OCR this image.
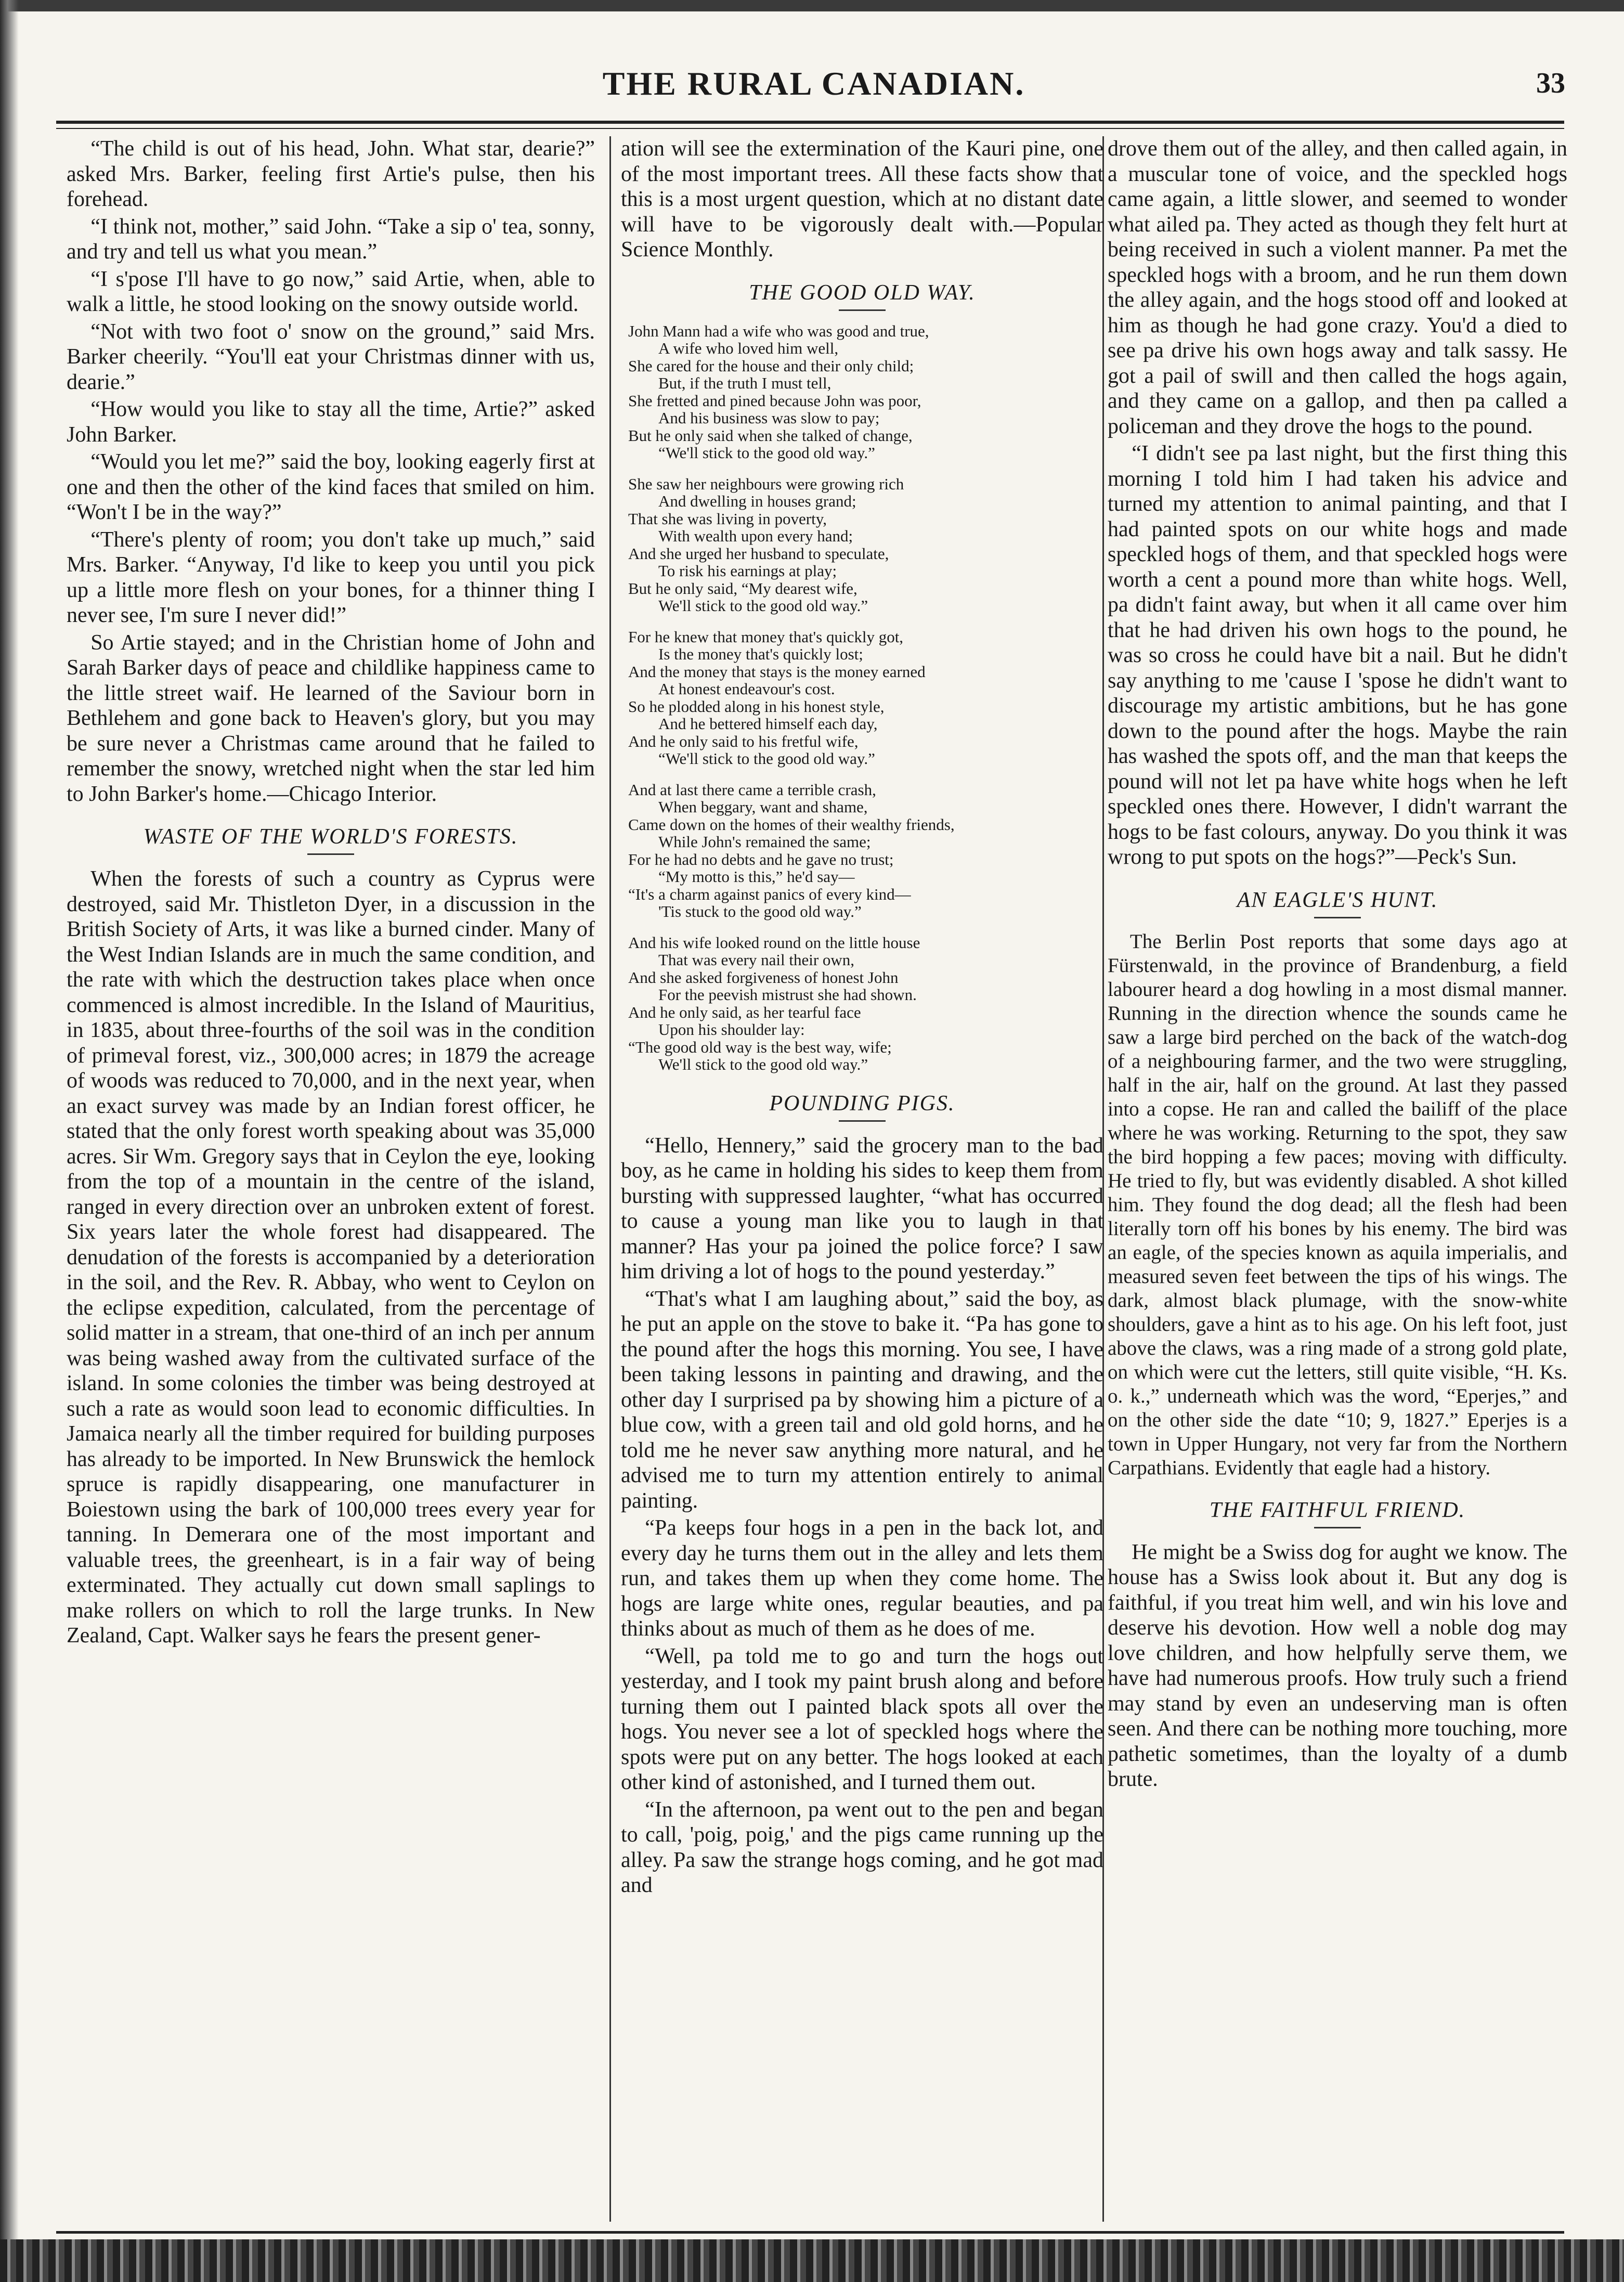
THE RURAL CANADIAN.	33

“The child is out of his head, John. What star, dearie?” asked Mrs. Barker, feeling first Artie's pulse, then his forehead.

“I think not, mother,” said John. “Take a sip o' tea, sonny, and try and tell us what you mean.”

“I s'pose I'll have to go now,” said Artie, when, able to walk a little, he stood looking on the snowy outside world.

“Not with two foot o' snow on the ground,” said Mrs. Barker cheerily. “You'll eat your Christmas dinner with us, dearie.”

“How would you like to stay all the time, Artie?” asked John Barker.

“Would you let me?” said the boy, looking eagerly first at one and then the other of the kind faces that smiled on him. “Won't I be in the way?”

“There's plenty of room; you don't take up much,” said Mrs. Barker. “Anyway, I'd like to keep you until you pick up a little more flesh on your bones, for a thinner thing I never see, I'm sure I never did!”

So Artie stayed; and in the Christian home of John and Sarah Barker days of peace and childlike happiness came to the little street waif. He learned of the Saviour born in Bethlehem and gone back to Heaven's glory, but you may be sure never a Christmas came around that he failed to remember the snowy, wretched night when the star led him to John Barker's home.—Chicago Interior.

WASTE OF THE WORLD'S FORESTS.

When the forests of such a country as Cyprus were destroyed, said Mr. Thistleton Dyer, in a discussion in the British Society of Arts, it was like a burned cinder. Many of the West Indian Islands are in much the same condition, and the rate with which the destruction takes place when once commenced is almost incredible. In the Island of Mauritius, in 1835, about three-fourths of the soil was in the condition of primeval forest, viz., 300,000 acres; in 1879 the acreage of woods was reduced to 70,000, and in the next year, when an exact survey was made by an Indian forest officer, he stated that the only forest worth speaking about was 35,000 acres. Sir Wm. Gregory says that in Ceylon the eye, looking from the top of a mountain in the centre of the island, ranged in every direction over an unbroken extent of forest. Six years later the whole forest had disappeared. The denudation of the forests is accompanied by a deterioration in the soil, and the Rev. R. Abbay, who went to Ceylon on the eclipse expedition, calculated, from the percentage of solid matter in a stream, that one-third of an inch per annum was being washed away from the cultivated surface of the island. In some colonies the timber was being destroyed at such a rate as would soon lead to economic difficulties. In Jamaica nearly all the timber required for building purposes has already to be imported. In New Brunswick the hemlock spruce is rapidly disappearing, one manufacturer in Boiestown using the bark of 100,000 trees every year for tanning. In Demerara one of the most important and valuable trees, the greenheart, is in a fair way of being exterminated. They actually cut down small saplings to make rollers on which to roll the large trunks. In New Zealand, Capt. Walker says he fears the present gener-

ation will see the extermination of the Kauri pine, one of the most important trees. All these facts show that this is a most urgent question, which at no distant date will have to be vigorously dealt with.—Popular Science Monthly.

THE GOOD OLD WAY.
John Mann had a wife who was good and true,
A wife who loved him well,
She cared for the house and their only child;
But, if the truth I must tell,
She fretted and pined because John was poor,
And his business was slow to pay;
But he only said when she talked of change,
“We'll stick to the good old way.”
She saw her neighbours were growing rich
And dwelling in houses grand;
That she was living in poverty,
With wealth upon every hand;
And she urged her husband to speculate,
To risk his earnings at play;
But he only said, “My dearest wife,
We'll stick to the good old way.”
For he knew that money that's quickly got,
Is the money that's quickly lost;
And the money that stays is the money earned
At honest endeavour's cost.
So he plodded along in his honest style,
And he bettered himself each day,
And he only said to his fretful wife,
“We'll stick to the good old way.”
And at last there came a terrible crash,
When beggary, want and shame,
Came down on the homes of their wealthy friends,
While John's remained the same;
For he had no debts and he gave no trust;
“My motto is this,” he'd say—
“It's a charm against panics of every kind—
'Tis stuck to the good old way.”
And his wife looked round on the little house
That was every nail their own,
And she asked forgiveness of honest John
For the peevish mistrust she had shown.
And he only said, as her tearful face
Upon his shoulder lay:
“The good old way is the best way, wife;
We'll stick to the good old way.”
POUNDING PIGS.

“Hello, Hennery,” said the grocery man to the bad boy, as he came in holding his sides to keep them from bursting with suppressed laughter, “what has occurred to cause a young man like you to laugh in that manner? Has your pa joined the police force? I saw him driving a lot of hogs to the pound yesterday.”

“That's what I am laughing about,” said the boy, as he put an apple on the stove to bake it. “Pa has gone to the pound after the hogs this morning. You see, I have been taking lessons in painting and drawing, and the other day I surprised pa by showing him a picture of a blue cow, with a green tail and old gold horns, and he told me he never saw anything more natural, and he advised me to turn my attention entirely to animal painting.

“Pa keeps four hogs in a pen in the back lot, and every day he turns them out in the alley and lets them run, and takes them up when they come home. The hogs are large white ones, regular beauties, and pa thinks about as much of them as he does of me.

“Well, pa told me to go and turn the hogs out yesterday, and I took my paint brush along and before turning them out I painted black spots all over the hogs. You never see a lot of speckled hogs where the spots were put on any better. The hogs looked at each other kind of astonished, and I turned them out.

“In the afternoon, pa went out to the pen and began to call, 'poig, poig,' and the pigs came running up the alley. Pa saw the strange hogs coming, and he got mad and

drove them out of the alley, and then called again, in a muscular tone of voice, and the speckled hogs came again, a little slower, and seemed to wonder what ailed pa. They acted as though they felt hurt at being received in such a violent manner. Pa met the speckled hogs with a broom, and he run them down the alley again, and the hogs stood off and looked at him as though he had gone crazy. You'd a died to see pa drive his own hogs away and talk sassy. He got a pail of swill and then called the hogs again, and they came on a gallop, and then pa called a policeman and they drove the hogs to the pound.

“I didn't see pa last night, but the first thing this morning I told him I had taken his advice and turned my attention to animal painting, and that I had painted spots on our white hogs and made speckled hogs of them, and that speckled hogs were worth a cent a pound more than white hogs. Well, pa didn't faint away, but when it all came over him that he had driven his own hogs to the pound, he was so cross he could have bit a nail. But he didn't say anything to me 'cause I 'spose he didn't want to discourage my artistic ambitions, but he has gone down to the pound after the hogs. Maybe the rain has washed the spots off, and the man that keeps the pound will not let pa have white hogs when he left speckled ones there. However, I didn't warrant the hogs to be fast colours, anyway. Do you think it was wrong to put spots on the hogs?”—Peck's Sun.

AN EAGLE'S HUNT.

The Berlin Post reports that some days ago at Fürstenwald, in the province of Brandenburg, a field labourer heard a dog howling in a most dismal manner. Running in the direction whence the sounds came he saw a large bird perched on the back of the watch-dog of a neighbouring farmer, and the two were struggling, half in the air, half on the ground. At last they passed into a copse. He ran and called the bailiff of the place where he was working. Returning to the spot, they saw the bird hopping a few paces; moving with difficulty. He tried to fly, but was evidently disabled. A shot killed him. They found the dog dead; all the flesh had been literally torn off his bones by his enemy. The bird was an eagle, of the species known as aquila imperialis, and measured seven feet between the tips of his wings. The dark, almost black plumage, with the snow-white shoulders, gave a hint as to his age. On his left foot, just above the claws, was a ring made of a strong gold plate, on which were cut the letters, still quite visible, “H. Ks. o. k.,” underneath which was the word, “Eperjes,” and on the other side the date “10; 9, 1827.” Eperjes is a town in Upper Hungary, not very far from the Northern Carpathians. Evidently that eagle had a history.

THE FAITHFUL FRIEND.

He might be a Swiss dog for aught we know. The house has a Swiss look about it. But any dog is faithful, if you treat him well, and win his love and deserve his devotion. How well a noble dog may love children, and how helpfully serve them, we have had numerous proofs. How truly such a friend may stand by even an undeserving man is often seen. And there can be nothing more touching, more pathetic sometimes, than the loyalty of a dumb brute.
